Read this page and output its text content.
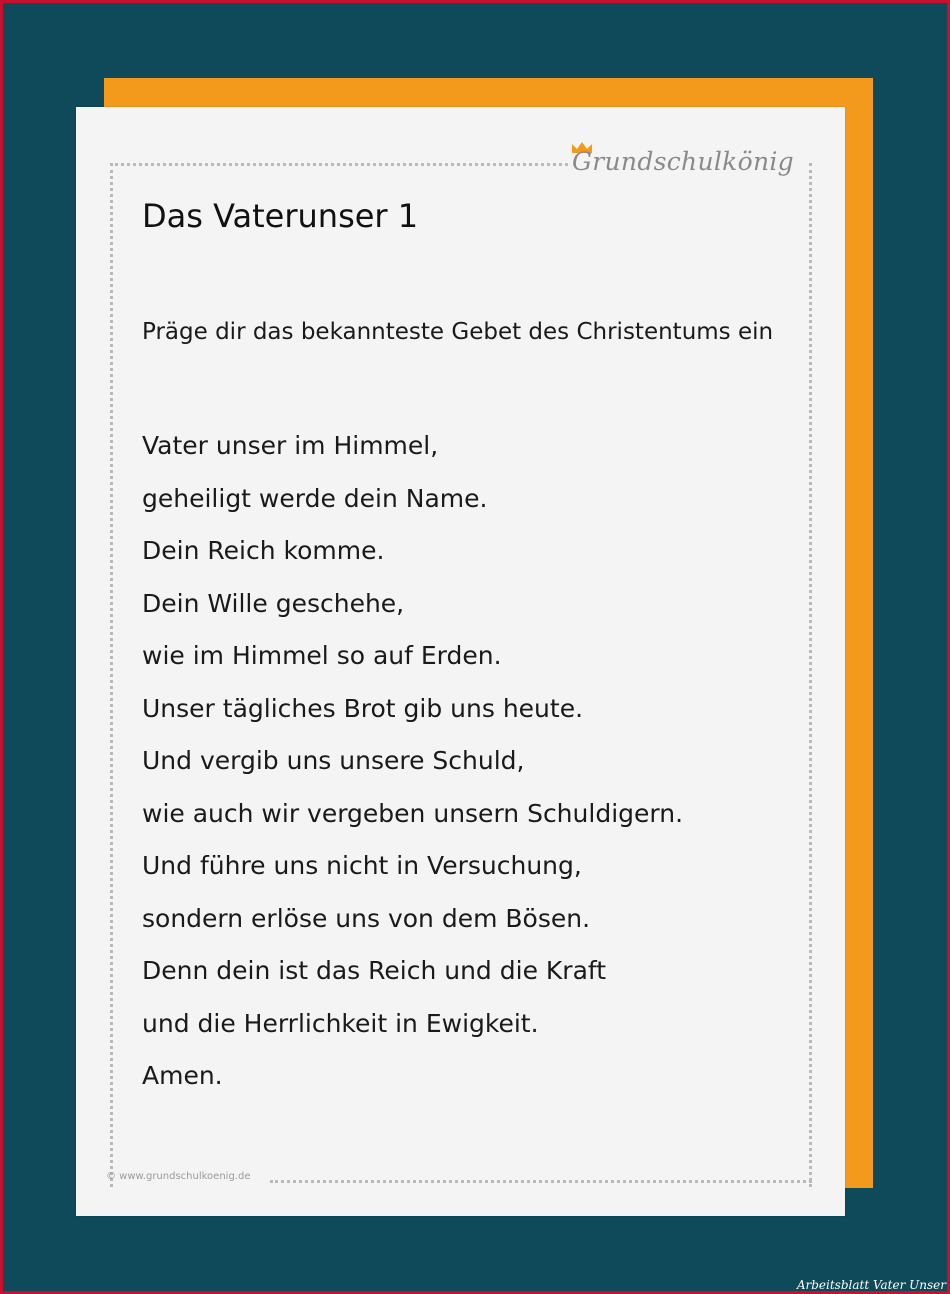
Grundschulkönig
Das Vaterunser 1
Präge dir das bekannteste Gebet des Christentums ein
Vater unser im Himmel,
geheiligt werde dein Name.
Dein Reich komme.
Dein Wille geschehe,
wie im Himmel so auf Erden.
Unser tägliches Brot gib uns heute.
Und vergib uns unsere Schuld,
wie auch wir vergeben unsern Schuldigern.
Und führe uns nicht in Versuchung,
sondern erlöse uns von dem Bösen.
Denn dein ist das Reich und die Kraft
und die Herrlichkeit in Ewigkeit.
Amen.
© www.grundschulkoenig.de
Arbeitsblatt Vater Unser
